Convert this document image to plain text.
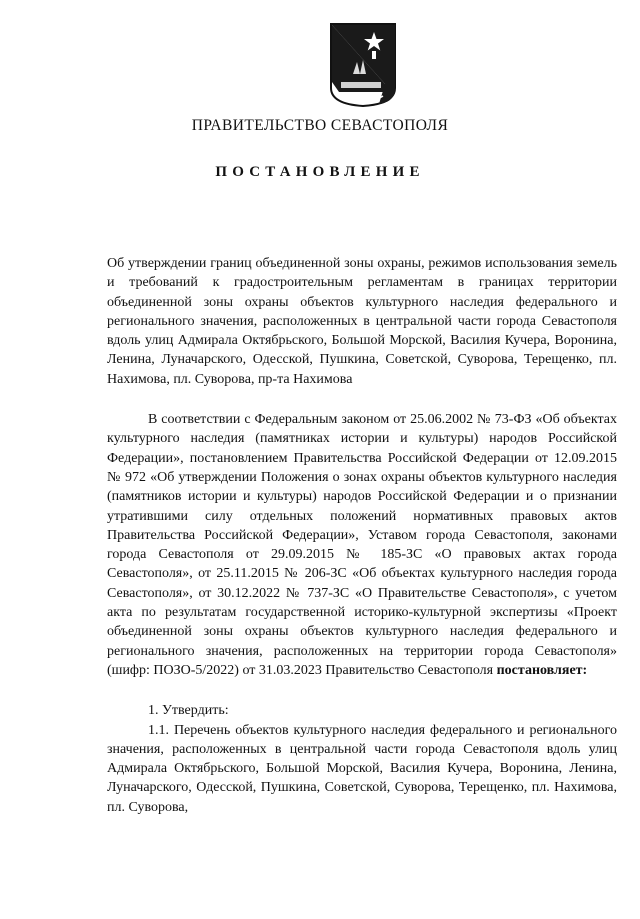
ПРАВИТЕЛЬСТВО СЕВАСТОПОЛЯ
ПОСТАНОВЛЕНИЕ

Об утверждении границ объединенной зоны охраны, режимов использования земель и требований к градостроительным регламентам в границах территории объединенной зоны охраны объектов культурного наследия федерального и регионального значения, расположенных в центральной части города Севастополя вдоль улиц Адмирала Октябрьского, Большой Морской, Василия Кучера, Воронина, Ленина, Луначарского, Одесской, Пушкина, Советской, Суворова, Терещенко, пл. Нахимова, пл. Суворова, пр-та Нахимова

В соответствии с Федеральным законом от 25.06.2002 № 73-ФЗ «Об объектах культурного наследия (памятниках истории и культуры) народов Российской Федерации», постановлением Правительства Российской Федерации от 12.09.2015 № 972 «Об утверждении Положения о зонах охраны объектов культурного наследия (памятников истории и культуры) народов Российской Федерации и о признании утратившими силу отдельных положений нормативных правовых актов Правительства Российской Федерации», Уставом города Севастополя, законами города Севастополя от 29.09.2015 № 185-ЗС «О правовых актах города Севастополя», от 25.11.2015 № 206-ЗС «Об объектах культурного наследия города Севастополя», от 30.12.2022 № 737-ЗС «О Правительстве Севастополя», с учетом акта по результатам государственной историко-культурной экспертизы «Проект объединенной зоны охраны объектов культурного наследия федерального и регионального значения, расположенных на территории города Севастополя» (шифр: ПОЗО-5/2022) от 31.03.2023 Правительство Севастополя постановляет:

1. Утвердить:

1.1. Перечень объектов культурного наследия федерального и регионального значения, расположенных в центральной части города Севастополя вдоль улиц Адмирала Октябрьского, Большой Морской, Василия Кучера, Воронина, Ленина, Луначарского, Одесской, Пушкина, Советской, Суворова, Терещенко, пл. Нахимова, пл. Суворова,
